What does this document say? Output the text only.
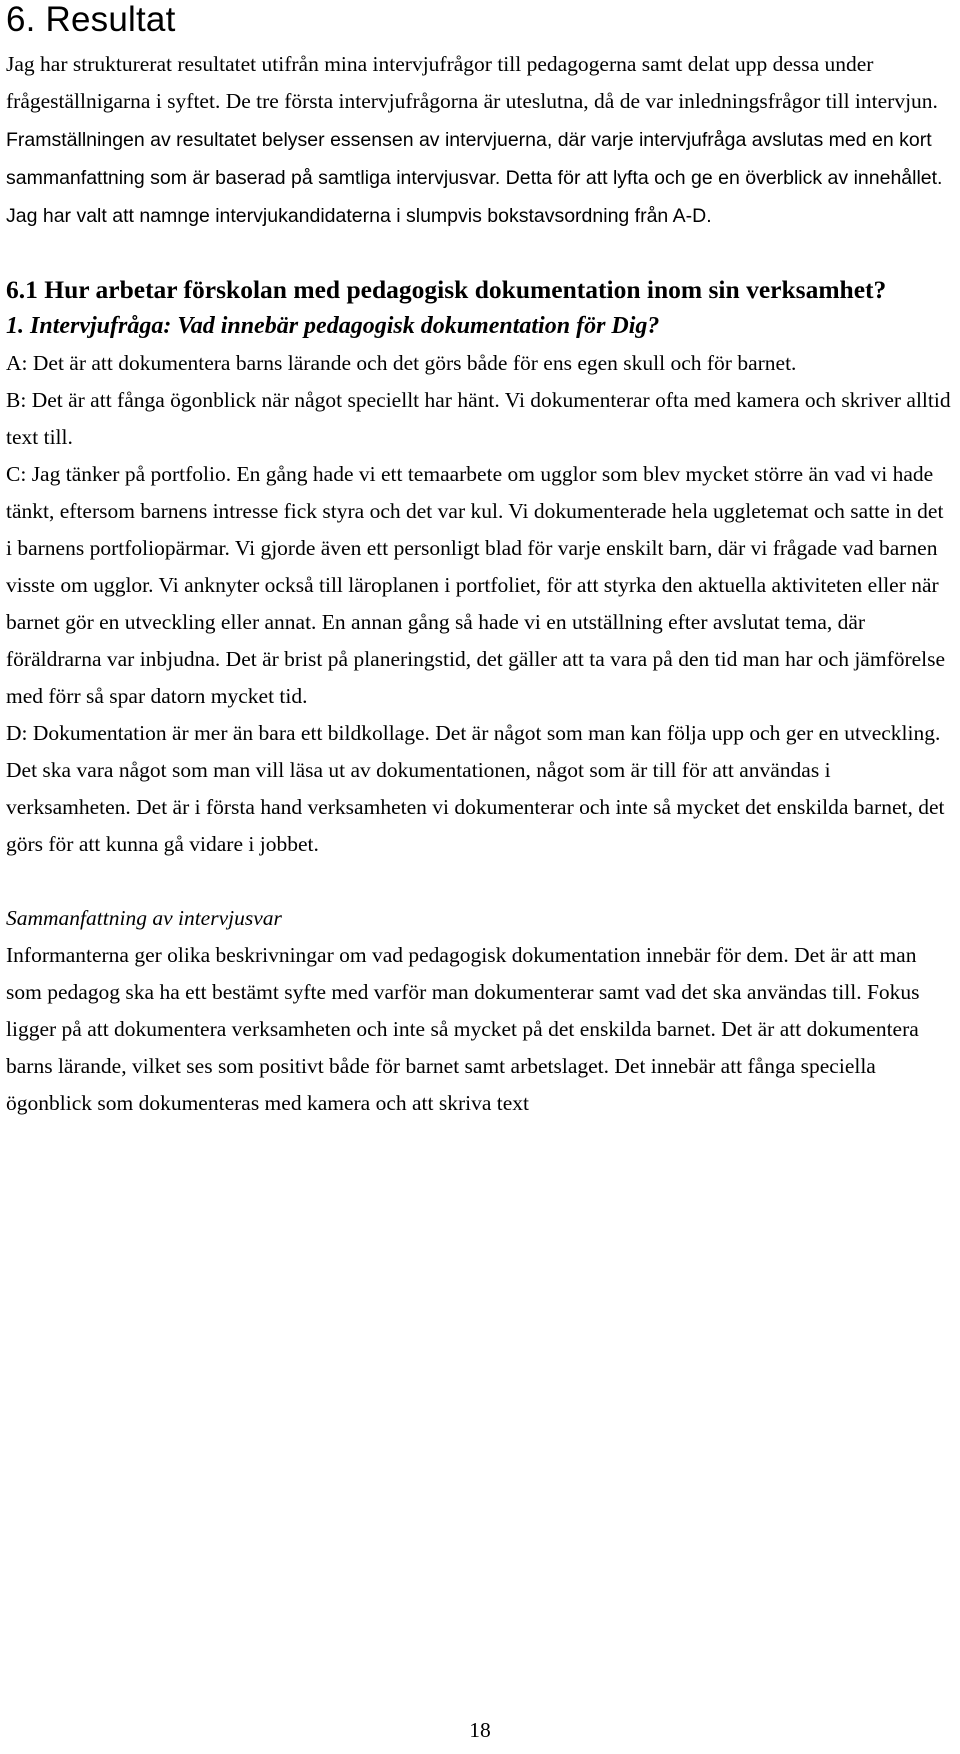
6. Resultat

Jag har strukturerat resultatet utifrån mina intervjufrågor till pedagogerna samt delat upp dessa under frågeställnigarna i syftet. De tre första intervjufrågorna är uteslutna, då de var inledningsfrågor till intervjun. Framställningen av resultatet belyser essensen av intervjuerna, där varje intervjufråga avslutas med en kort sammanfattning som är baserad på samtliga intervjusvar. Detta för att lyfta och ge en överblick av innehållet. Jag har valt att namnge intervjukandidaterna i slumpvis bokstavsordning från A-D.

6.1 Hur arbetar förskolan med pedagogisk dokumentation inom sin verksamhet?
1. Intervjufråga: Vad innebär pedagogisk dokumentation för Dig?

A: Det är att dokumentera barns lärande och det görs både för ens egen skull och för barnet.

B: Det är att fånga ögonblick när något speciellt har hänt. Vi dokumenterar ofta med kamera och skriver alltid text till.

C: Jag tänker på portfolio. En gång hade vi ett temaarbete om ugglor som blev mycket större än vad vi hade tänkt, eftersom barnens intresse fick styra och det var kul. Vi dokumenterade hela uggletemat och satte in det i barnens portfoliopärmar. Vi gjorde även ett personligt blad för varje enskilt barn, där vi frågade vad barnen visste om ugglor. Vi anknyter också till läroplanen i portfoliet, för att styrka den aktuella aktiviteten eller när barnet gör en utveckling eller annat. En annan gång så hade vi en utställning efter avslutat tema, där föräldrarna var inbjudna. Det är brist på planeringstid, det gäller att ta vara på den tid man har och jämförelse med förr så spar datorn mycket tid.

D: Dokumentation är mer än bara ett bildkollage. Det är något som man kan följa upp och ger en utveckling. Det ska vara något som man vill läsa ut av dokumentationen, något som är till för att användas i verksamheten. Det är i första hand verksamheten vi dokumenterar och inte så mycket det enskilda barnet, det görs för att kunna gå vidare i jobbet.

Sammanfattning av intervjusvar

Informanterna ger olika beskrivningar om vad pedagogisk dokumentation innebär för dem. Det är att man som pedagog ska ha ett bestämt syfte med varför man dokumenterar samt vad det ska användas till. Fokus ligger på att dokumentera verksamheten och inte så mycket på det enskilda barnet. Det är att dokumentera barns lärande, vilket ses som positivt både för barnet samt arbetslaget. Det innebär att fånga speciella ögonblick som dokumenteras med kamera och att skriva text

18
